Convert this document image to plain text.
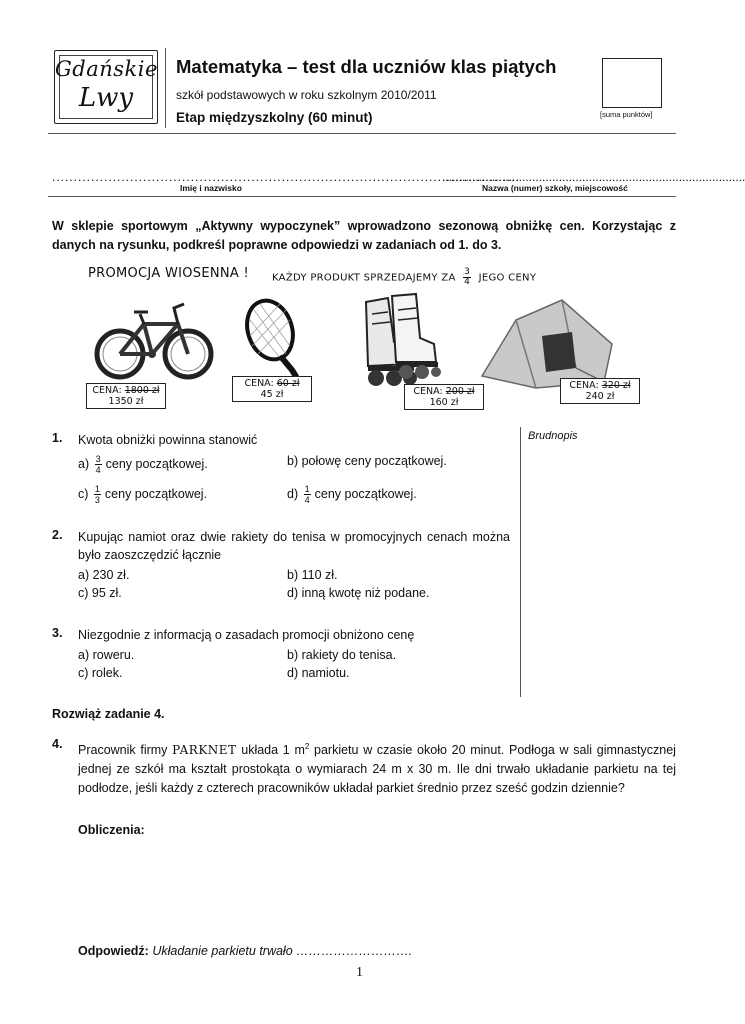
Gdańskie
Lwy
Matematyka – test dla uczniów klas piątych
szkół podstawowych w roku szkolnym 2010/2011
Etap międzyszkolny (60 minut)	[suma punktów]
............................................................................................................
...........................................................................................
Imię i nazwisko	Nazwa (numer) szkoły, miejscowość
W sklepie sportowym „Aktywny wypoczynek” wprowadzono sezonową obniżkę cen. Korzystając z danych na rysunku, podkreśl poprawne odpowiedzi w zadaniach od 1. do 3.
PROMOCJA WIOSENNA ! KAŻDY PRODUKT SPRZEDAJEMY ZA $\frac{3}{4}$ JEGO CENY
CENA: 1800 zł
1350 zł
CENA: 60 zł
45 zł	CENA: 200 zł
160 zł
CENA: 320 zł
240 zł
Brudnopis
1. Kwota obniżki powinna stanowić
$a) \frac{3}{4}$ ceny początkowej.	b) połowę ceny początkowej.
$c) \frac{1}{3}$ ceny początkowej.	$d) \frac{1}{4}$ ceny początkowej.
2. Kupując namiot oraz dwie rakiety do tenisa w promocyjnych cenach można było zaoszczędzić łącznie
a) 230 zł.	b) 110 zł.
c) 95 zł.	d) inną kwotę niż podane.
3. Niezgodnie z informacją o zasadach promocji obniżono cenę
a) roweru.	b) rakiety do tenisa.
c) rolek.	d) namiotu.
Rozwiąż zadanie 4.
4. Pracownik firmy PARKNET układa 1 $m^2$ parkietu w czasie około 20 minut. Podłoga w sali gimnastycznej jednej ze szkół ma kształt prostokąta o wymiarach 24 m x 30 m. Ile dni trwało układanie parkietu na tej podłodze, jeśli każdy z czterech pracowników układał parkiet średnio przez sześć godzin dziennie?
Obliczenia:
Odpowiedź: Układanie parkietu trwało ……………………….
1
